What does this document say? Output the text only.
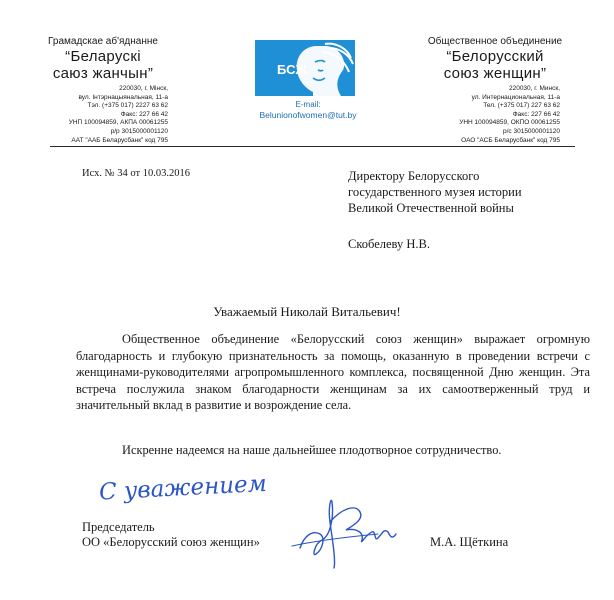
Грамадскае аб'яднанне
“Беларускі
саюз жанчын”
220030, г. Мінск,
вул. Інтэрнацыянальная, 11-а
Тэл. (+375 017) 2227 63 62
Факс: 227 66 42
УНП 100094859, АКПА 00061255
р/р 3015000001120
ААТ "ААБ Беларусбанк" код 795
БСЖ
E-mail:
Belunionofwomen@tut.by
Общественное объединение
“Белорусский
союз женщин”
220030, г. Минск,
ул. Интернациональная, 11-а
Тел. (+375 017) 227 63 62
Факс: 227 66 42
УНН 100094859, ОКПО 00061255
р/с 3015000001120
ОАО "АСБ Беларусбанк" код 795
Исх. № 34 от 10.03.2016	Директору Белорусского
государственного музея истории
Великой Отечественной войны
Скобелеву Н.В.
Уважаемый Николай Витальевич!

Общественное объединение «Белорусский союз женщин» выражает огромную благодарность и глубокую признательность за помощь, оказанную в проведении встречи с женщинами-руководителями агропромышленного комплекса, посвященной Дню женщин. Эта встреча послужила знаком благодарности женщинам за их самоотверженный труд и значительный вклад в развитие и возрождение села.

Искренне надеемся на наше дальнейшее плодотворное сотрудничество.

С уважением
Председатель
ОО «Белорусский союз женщин»	М.А. Щёткина
